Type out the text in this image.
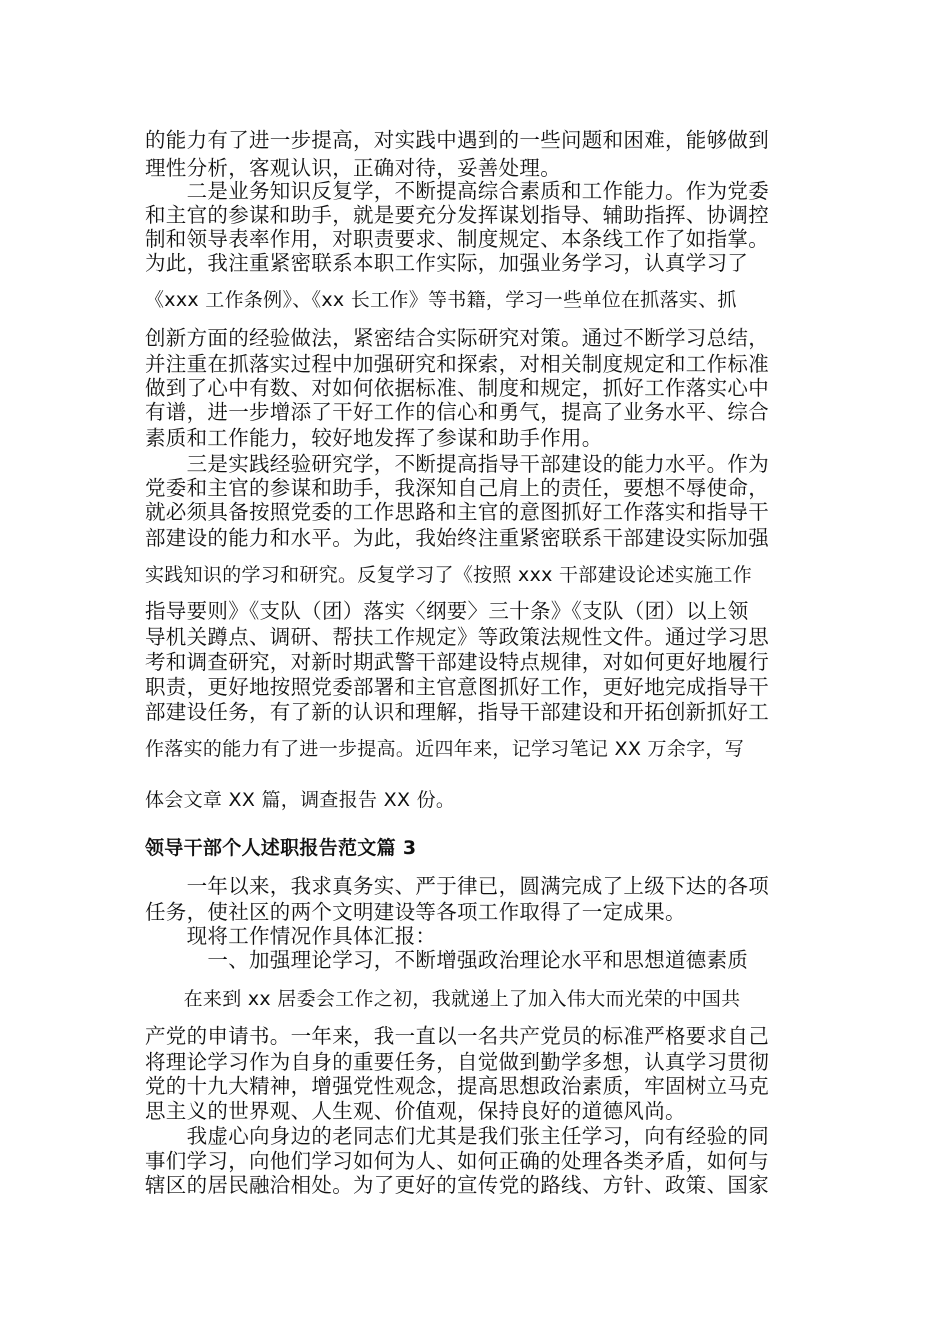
的能力有了进一步提高，对实践中遇到的一些问题和困难，能够做到
理性分析，客观认识，正确对待，妥善处理。
　　二是业务知识反复学，不断提高综合素质和工作能力。作为党委
和主官的参谋和助手，就是要充分发挥谋划指导、辅助指挥、协调控
制和领导表率作用，对职责要求、制度规定、本条线工作了如指掌。
为此，我注重紧密联系本职工作实际，加强业务学习，认真学习了
《xxx 工作条例》、《xx 长工作》等书籍，学习一些单位在抓落实、抓
创新方面的经验做法，紧密结合实际研究对策。通过不断学习总结，
并注重在抓落实过程中加强研究和探索，对相关制度规定和工作标准
做到了心中有数、对如何依据标准、制度和规定，抓好工作落实心中
有谱，进一步增添了干好工作的信心和勇气，提高了业务水平、综合
素质和工作能力，较好地发挥了参谋和助手作用。
　　三是实践经验研究学，不断提高指导干部建设的能力水平。作为
党委和主官的参谋和助手，我深知自己肩上的责任，要想不辱使命，
就必须具备按照党委的工作思路和主官的意图抓好工作落实和指导干
部建设的能力和水平。为此，我始终注重紧密联系干部建设实际加强
实践知识的学习和研究。反复学习了《按照 xxx 干部建设论述实施工作
指导要则》《支队（团）落实〈纲要〉三十条》《支队（团）以上领
导机关蹲点、调研、帮扶工作规定》等政策法规性文件。通过学习思
考和调查研究，对新时期武警干部建设特点规律，对如何更好地履行
职责，更好地按照党委部署和主官意图抓好工作，更好地完成指导干
部建设任务，有了新的认识和理解，指导干部建设和开拓创新抓好工
作落实的能力有了进一步提高。近四年来，记学习笔记 XX 万余字，写
体会文章 XX 篇，调查报告 XX 份。
领导干部个人述职报告范文篇 3
　　一年以来，我求真务实、严于律已，圆满完成了上级下达的各项
任务，使社区的两个文明建设等各项工作取得了一定成果。
　　现将工作情况作具体汇报：
　　　一、加强理论学习，不断增强政治理论水平和思想道德素质
　　在来到 xx 居委会工作之初，我就递上了加入伟大而光荣的中国共
产党的申请书。一年来，我一直以一名共产党员的标准严格要求自己
将理论学习作为自身的重要任务，自觉做到勤学多想，认真学习贯彻
党的十九大精神，增强党性观念，提高思想政治素质，牢固树立马克
思主义的世界观、人生观、价值观，保持良好的道德风尚。
　　我虚心向身边的老同志们尤其是我们张主任学习，向有经验的同
事们学习，向他们学习如何为人、如何正确的处理各类矛盾，如何与
辖区的居民融洽相处。为了更好的宣传党的路线、方针、政策、国家
